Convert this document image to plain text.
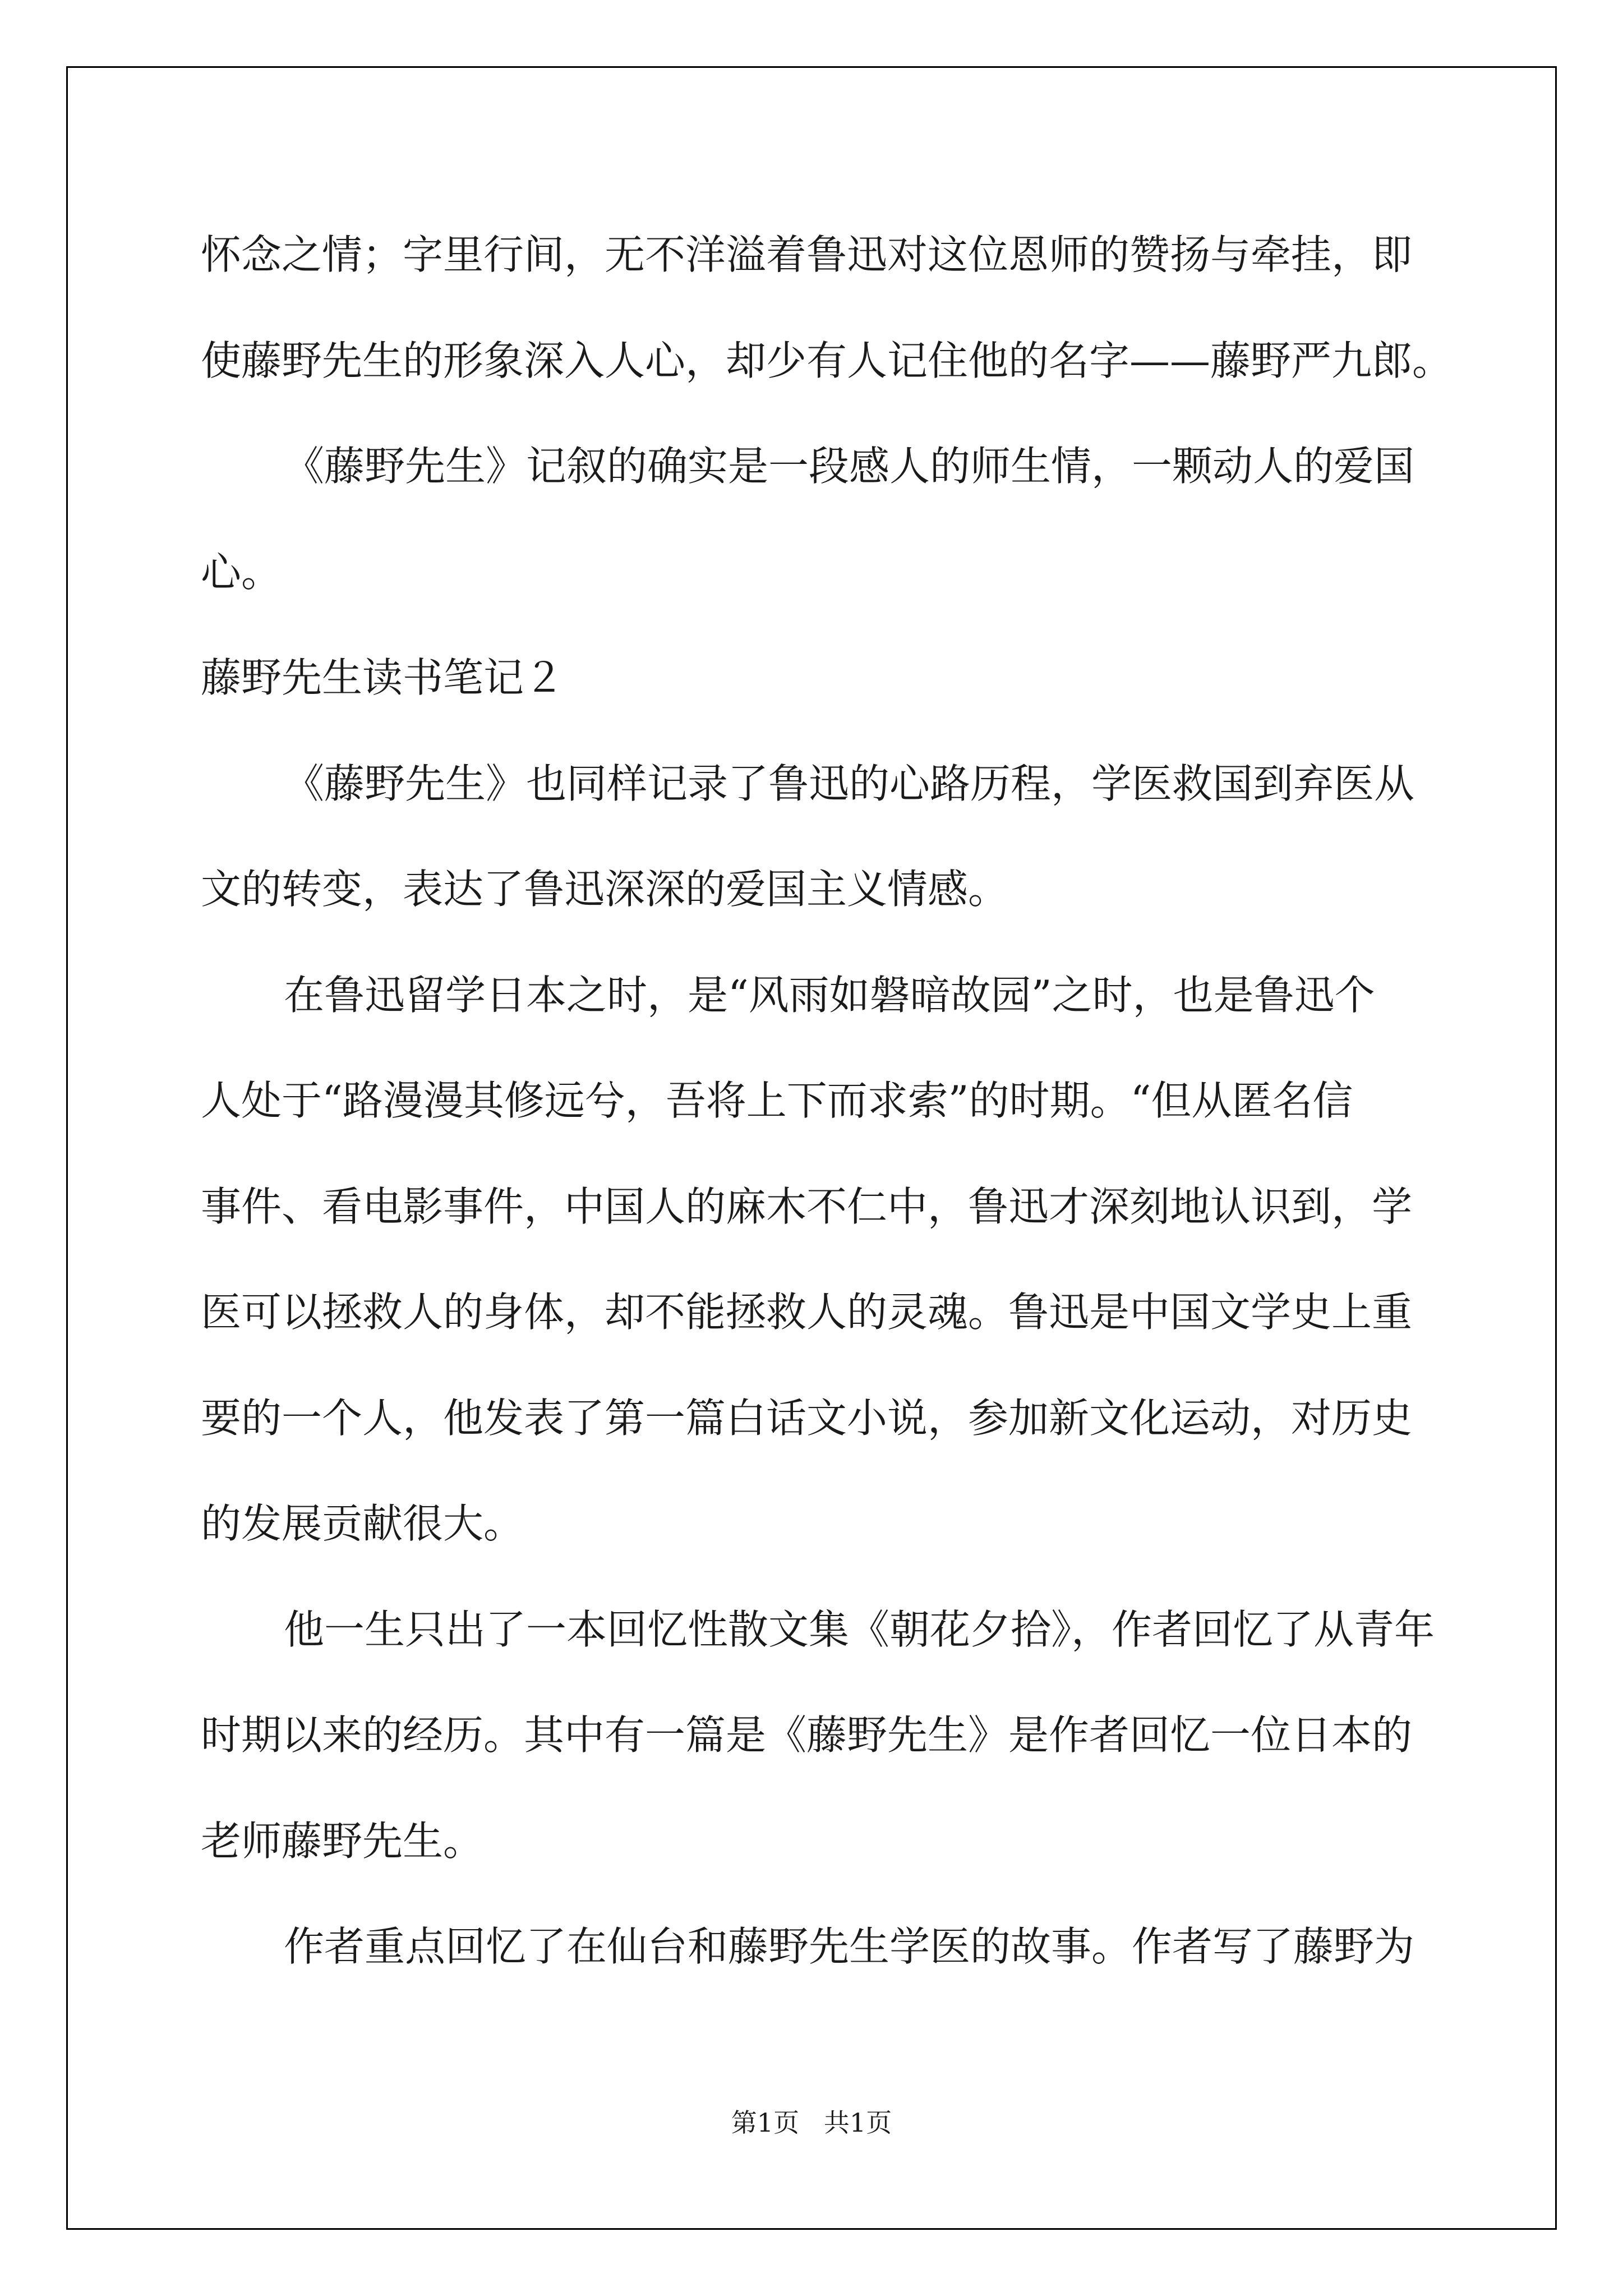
怀念之情；字里行间，无不洋溢着鲁迅对这位恩师的赞扬与牵挂，即
使藤野先生的形象深入人心，却少有人记住他的名字——藤野严九郎。
《藤野先生》记叙的确实是一段感人的师生情，一颗动人的爱国
心。
藤野先生读书笔记２
《藤野先生》也同样记录了鲁迅的心路历程，学医救国到弃医从
文的转变，表达了鲁迅深深的爱国主义情感。
在鲁迅留学日本之时，是“风雨如磐暗故园”之时，也是鲁迅个
人处于“路漫漫其修远兮，吾将上下而求索”的时期。“但从匿名信
事件、看电影事件，中国人的麻木不仁中，鲁迅才深刻地认识到，学
医可以拯救人的身体，却不能拯救人的灵魂。鲁迅是中国文学史上重
要的一个人，他发表了第一篇白话文小说，参加新文化运动，对历史
的发展贡献很大。
他一生只出了一本回忆性散文集《朝花夕拾》，作者回忆了从青年
时期以来的经历。其中有一篇是《藤野先生》是作者回忆一位日本的
老师藤野先生。
作者重点回忆了在仙台和藤野先生学医的故事。作者写了藤野为
第1页   共1页
